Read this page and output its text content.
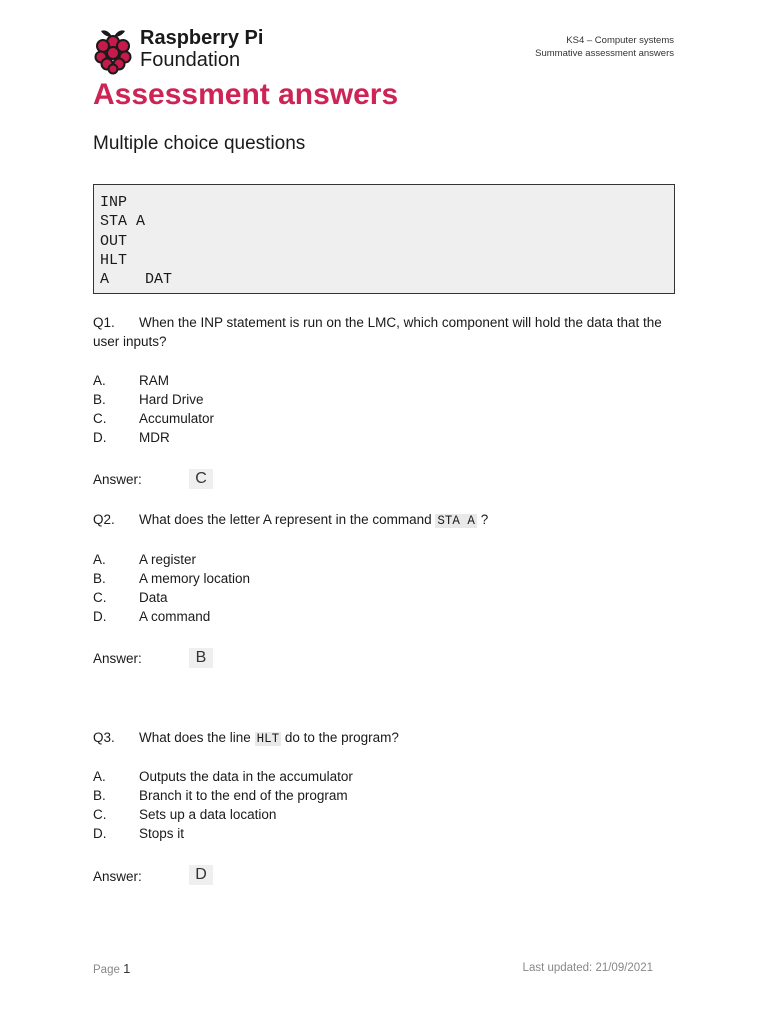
Raspberry Pi
Foundation
KS4 – Computer systems
Summative assessment answers
Assessment answers
Multiple choice questions
INP
STA A
OUT
HLT
A    DAT
Q1. When the INP statement is run on the LMC, which component will hold the data that the user inputs?
A. RAM
B. Hard Drive
C. Accumulator
D. MDR
Answer:	C
Q2. What does the letter A represent in the command STA A ?
A. A register
B. A memory location
C. Data
D. A command
Answer:	B
Q3. What does the line HLT do to the program?
A. Outputs the data in the accumulator
B. Branch it to the end of the program
C. Sets up a data location
D. Stops it
Answer:	D
Page 1	Last updated: 21/09/2021
